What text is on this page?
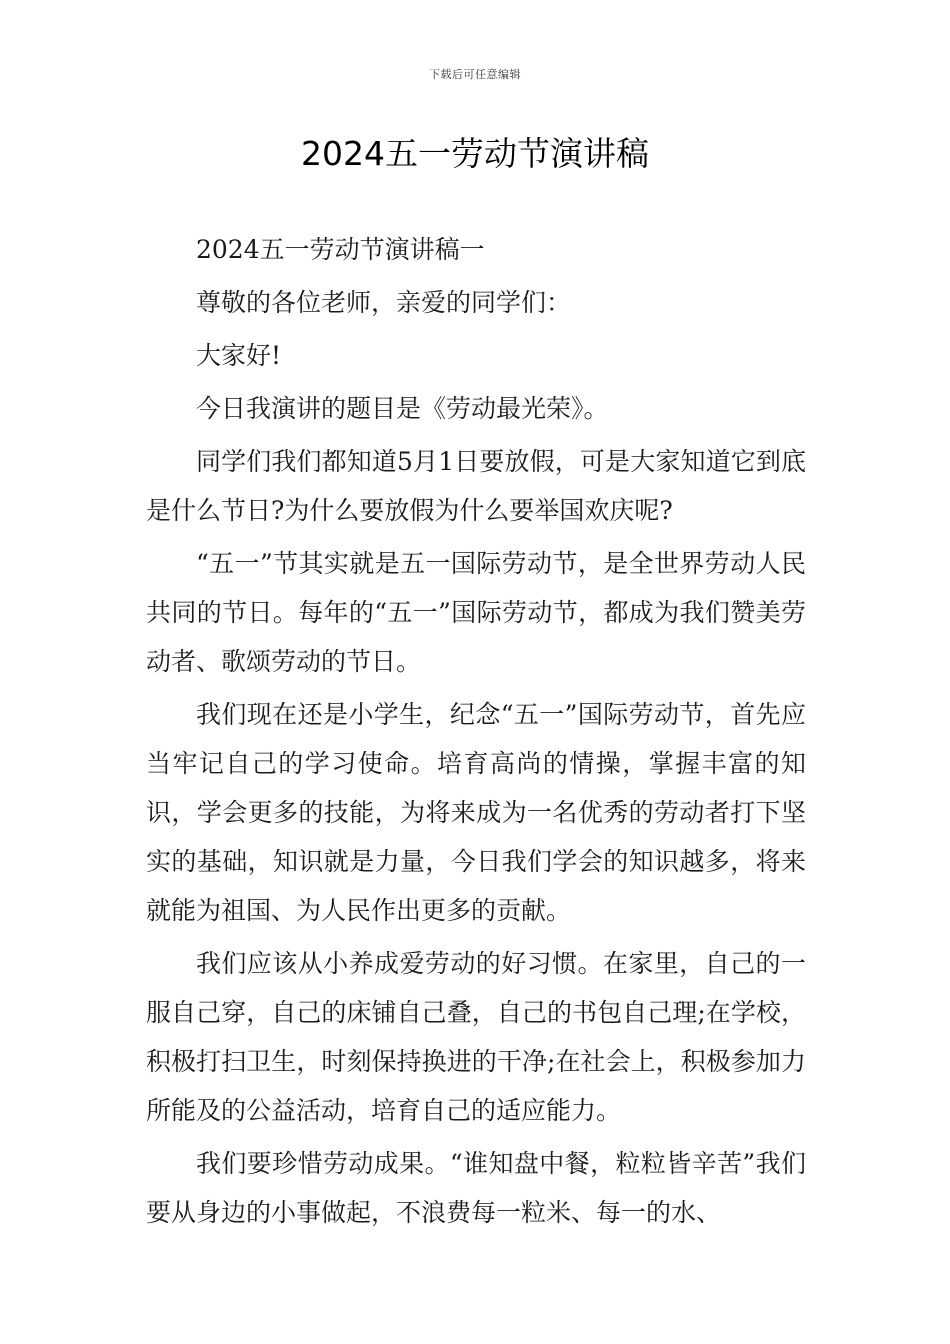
下载后可任意编辑
2024五一劳动节演讲稿

2024五一劳动节演讲稿一

尊敬的各位老师，亲爱的同学们：

大家好!

今日我演讲的题目是《劳动最光荣》。

同学们我们都知道5月1日要放假，可是大家知道它到底是什么节日?为什么要放假为什么要举国欢庆呢?

“五一”节其实就是五一国际劳动节，是全世界劳动人民共同的节日。每年的“五一”国际劳动节，都成为我们赞美劳动者、歌颂劳动的节日。

我们现在还是小学生，纪念“五一”国际劳动节，首先应当牢记自己的学习使命。培育高尚的情操，掌握丰富的知识，学会更多的技能，为将来成为一名优秀的劳动者打下坚实的基础，知识就是力量，今日我们学会的知识越多，将来就能为祖国、为人民作出更多的贡献。

我们应该从小养成爱劳动的好习惯。在家里，自己的一服自己穿，自己的床铺自己叠，自己的书包自己理;在学校，积极打扫卫生，时刻保持换进的干净;在社会上，积极参加力所能及的公益活动，培育自己的适应能力。

我们要珍惜劳动成果。“谁知盘中餐，粒粒皆辛苦”我们要从身边的小事做起，不浪费每一粒米、每一的水、
